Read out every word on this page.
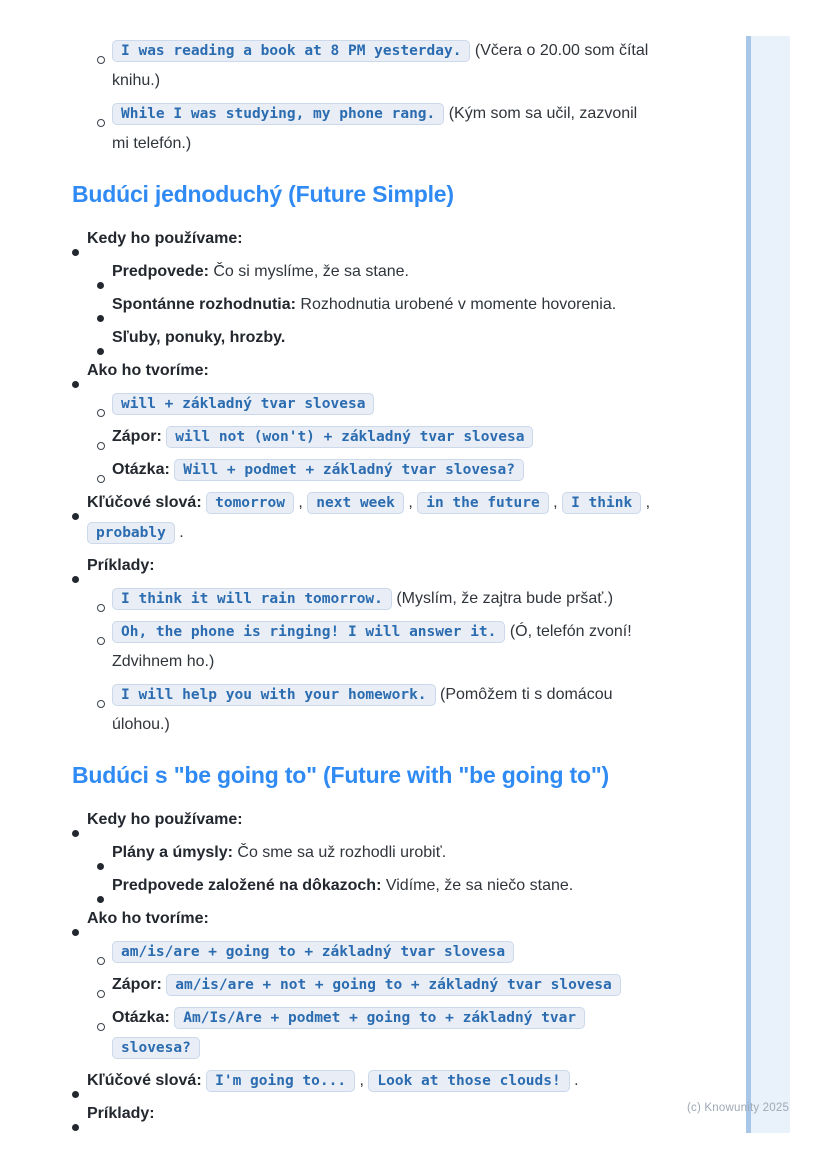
I was reading a book at 8 PM yesterday. (Včera o 20.00 som čítal knihu.)
While I was studying, my phone rang. (Kým som sa učil, zazvonil mi telefón.)
Budúci jednoduchý (Future Simple)
Kedy ho používame:
Predpovede: Čo si myslíme, že sa stane.
Spontánne rozhodnutia: Rozhodnutia urobené v momente hovorenia.
Sľuby, ponuky, hrozby.
Ako ho tvoríme:
will + základný tvar slovesa
Zápor: will not (won't) + základný tvar slovesa
Otázka: Will + podmet + základný tvar slovesa?
Kľúčové slová: tomorrow , next week , in the future , I think , probably .
Príklady:
I think it will rain tomorrow. (Myslím, že zajtra bude pršať.)
Oh, the phone is ringing! I will answer it. (Ó, telefón zvoní! Zdvihnem ho.)
I will help you with your homework. (Pomôžem ti s domácou úlohou.)
Budúci s "be going to" (Future with "be going to")
Kedy ho používame:
Plány a úmysly: Čo sme sa už rozhodli urobiť.
Predpovede založené na dôkazoch: Vidíme, že sa niečo stane.
Ako ho tvoríme:
am/is/are + going to + základný tvar slovesa
Zápor: am/is/are + not + going to + základný tvar slovesa
Otázka: Am/Is/Are + podmet + going to + základný tvar slovesa?
Kľúčové slová: I'm going to... , Look at those clouds! .
Príklady:	(c) Knowunity 2025
